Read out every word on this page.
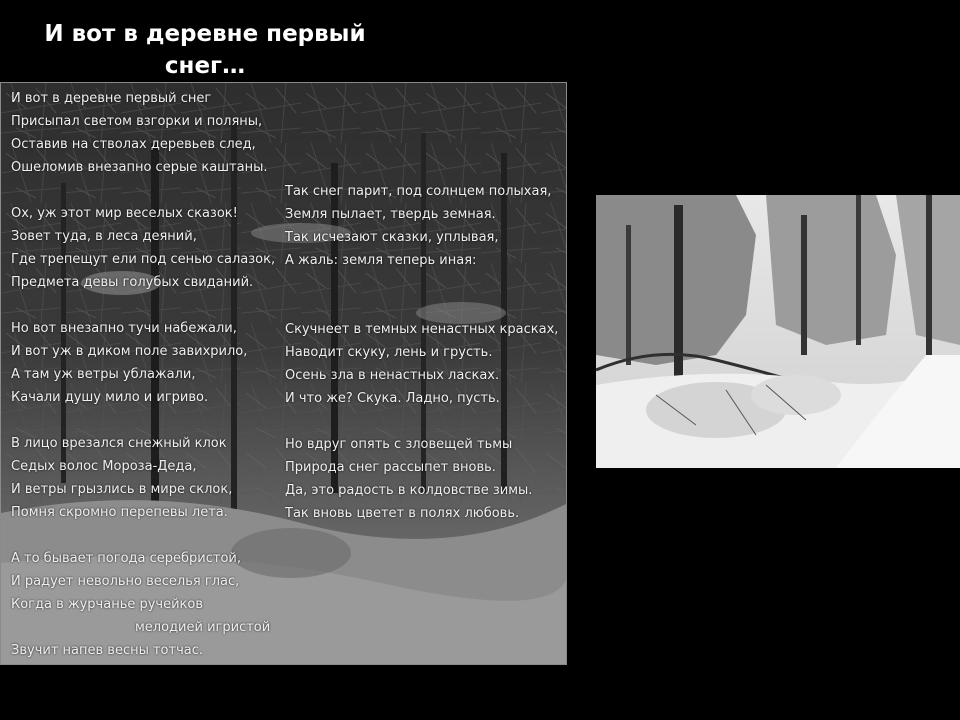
И вот в деревне первый
снег…
И вот в деревне первый снег
Присыпал светом взгорки и поляны,
Оставив на стволах деревьев след,
Ошеломив внезапно серые каштаны.
Ох, уж этот мир веселых сказок!
Зовет туда, в леса деяний,
Где трепещут ели под сенью салазок,
Предмета девы голубых свиданий.
Но вот внезапно тучи набежали,
И вот уж в диком поле завихрило,
А там уж ветры ублажали,
Качали душу мило и игриво.
В лицо врезался снежный клок
Седых волос Мороза-Деда,
И ветры грызлись в мире склок,
Помня скромно перепевы лета.
А то бывает погода серебристой,
И радует невольно веселья глас,
Когда в журчанье ручейков
мелодией игристой
Звучит напев весны тотчас.
Так снег парит, под солнцем полыхая,
Земля пылает, твердь земная.
Так исчезают сказки, уплывая,
А жаль: земля теперь иная:
Скучнеет в темных ненастных красках,
Наводит скуку, лень и грусть.
Осень зла в ненастных ласках.
И что же? Скука. Ладно, пусть.
Но вдруг опять с зловещей тьмы
Природа снег рассыпет вновь.
Да, это радость в колдовстве зимы.
Так вновь цветет в полях любовь.
